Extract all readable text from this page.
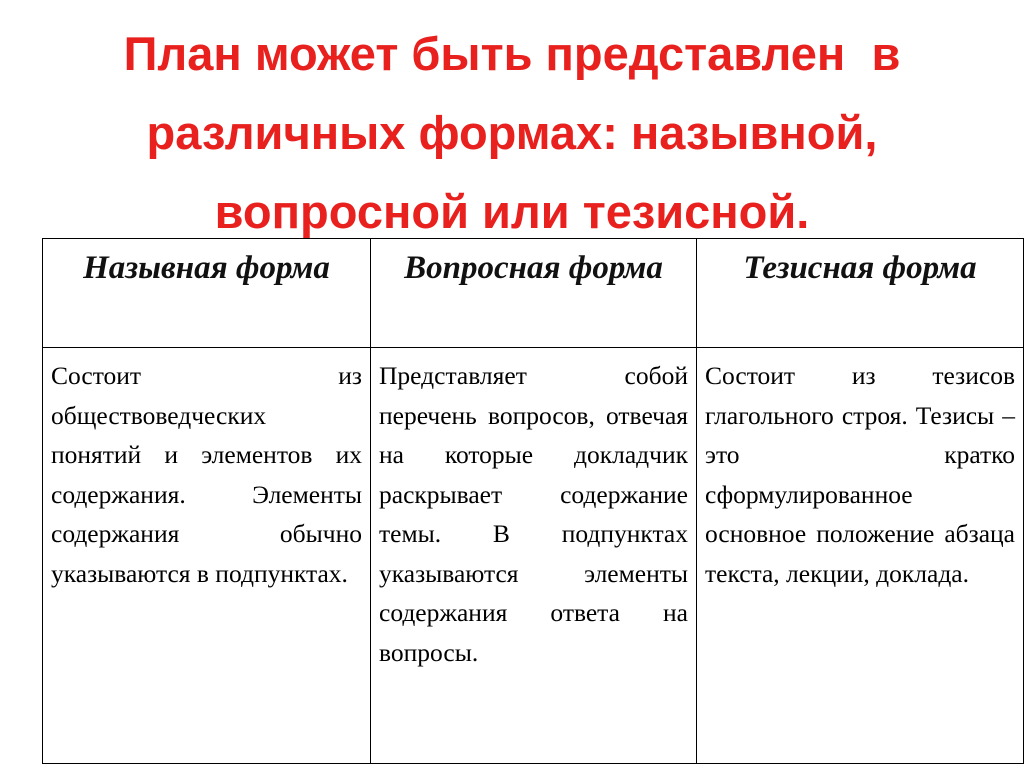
План может быть представлен  в
различных формах: назывной,
вопросной или тезисной.
Назывная форма	Вопросная форма	Тезисная форма
Состоит из обществоведческих понятий и элементов их содержания. Элементы содержания обычно указываются в подпунктах.	Представляет собой перечень вопросов, отвечая на которые докладчик раскрывает содержание темы. В подпунктах указываются элементы содержания ответа на вопросы.	Состоит из тезисов глагольного строя. Тезисы – это кратко сформулированное основное положение абзаца текста, лекции, доклада.
